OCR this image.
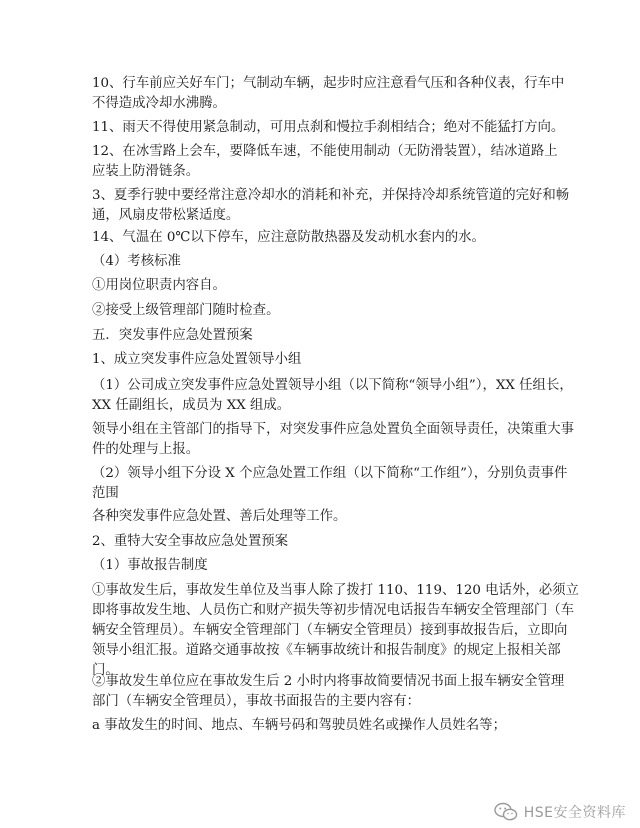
10、行车前应关好车门；气制动车辆，起步时应注意看气压和各种仪表，行车中
不得造成冷却水沸腾。

11、雨天不得使用紧急制动，可用点刹和慢拉手刹相结合；绝对不能猛打方向。

12、在冰雪路上会车，要降低车速，不能使用制动（无防滑装置），结冰道路上
应装上防滑链条。

3、夏季行驶中要经常注意冷却水的消耗和补充，并保持冷却系统管道的完好和畅
通，风扇皮带松紧适度。

14、气温在 0℃以下停车，应注意防散热器及发动机水套内的水。

（4）考核标准

①用岗位职责内容自。

②接受上级管理部门随时检查。

五．突发事件应急处置预案

1、成立突发事件应急处置领导小组

（1）公司成立突发事件应急处置领导小组（以下简称“领导小组”），XX 任组长，
XX 任副组长，成员为 XX 组成。

领导小组在主管部门的指导下，对突发事件应急处置负全面领导责任，决策重大事
件的处理与上报。

（2）领导小组下分设 X 个应急处置工作组（以下简称“工作组”），分别负责事件
范围

各种突发事件应急处置、善后处理等工作。

2、重特大安全事故应急处置预案

（1）事故报告制度

①事故发生后，事故发生单位及当事人除了拨打 110、119、120 电话外，必须立
即将事故发生地、人员伤亡和财产损失等初步情况电话报告车辆安全管理部门（车
辆安全管理员）。车辆安全管理部门（车辆安全管理员）接到事故报告后，立即向
领导小组汇报。道路交通事故按《车辆事故统计和报告制度》的规定上报相关部
门。

②事故发生单位应在事故发生后 2 小时内将事故简要情况书面上报车辆安全管理
部门（车辆安全管理员），事故书面报告的主要内容有：

a 事故发生的时间、地点、车辆号码和驾驶员姓名或操作人员姓名等；

HSE安全资料库
